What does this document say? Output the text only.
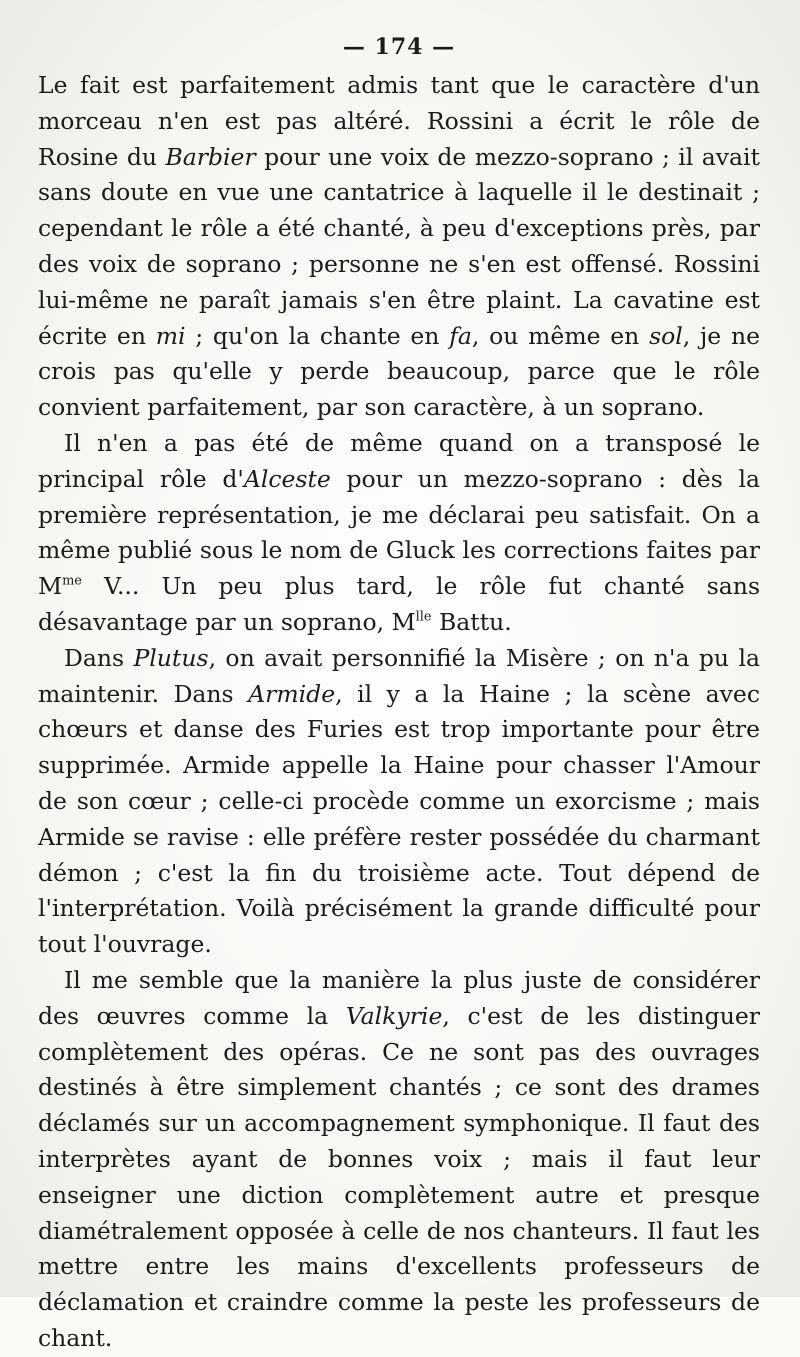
— 174 —

Le fait est parfaitement admis tant que le caractère d'un morceau n'en est pas altéré. Rossini a écrit le rôle de Rosine du Barbier pour une voix de mezzo-soprano ; il avait sans doute en vue une cantatrice à laquelle il le destinait ; cependant le rôle a été chanté, à peu d'exceptions près, par des voix de soprano ; personne ne s'en est offensé. Rossini lui-même ne paraît jamais s'en être plaint. La cavatine est écrite en mi ; qu'on la chante en fa, ou même en sol, je ne crois pas qu'elle y perde beaucoup, parce que le rôle convient parfaitement, par son caractère, à un soprano.

Il n'en a pas été de même quand on a transposé le principal rôle d'Alceste pour un mezzo-soprano : dès la première représentation, je me déclarai peu satisfait. On a même publié sous le nom de Gluck les corrections faites par $M^{me}$ V... Un peu plus tard, le rôle fut chanté sans désavantage par un soprano, $M^{lle}$ Battu.

Dans Plutus, on avait personnifié la Misère ; on n'a pu la maintenir. Dans Armide, il y a la Haine ; la scène avec chœurs et danse des Furies est trop importante pour être supprimée. Armide appelle la Haine pour chasser l'Amour de son cœur ; celle-ci procède comme un exorcisme ; mais Armide se ravise : elle préfère rester possédée du charmant démon ; c'est la fin du troisième acte. Tout dépend de l'interprétation. Voilà précisément la grande difficulté pour tout l'ouvrage.

Il me semble que la manière la plus juste de considérer des œuvres comme la Valkyrie, c'est de les distinguer complètement des opéras. Ce ne sont pas des ouvrages destinés à être simplement chantés ; ce sont des drames déclamés sur un accompagnement symphonique. Il faut des interprètes ayant de bonnes voix ; mais il faut leur enseigner une diction complètement autre et presque diamétralement opposée à celle de nos chanteurs. Il faut les mettre entre les mains d'excellents professeurs de déclamation et craindre comme la peste les professeurs de chant.
